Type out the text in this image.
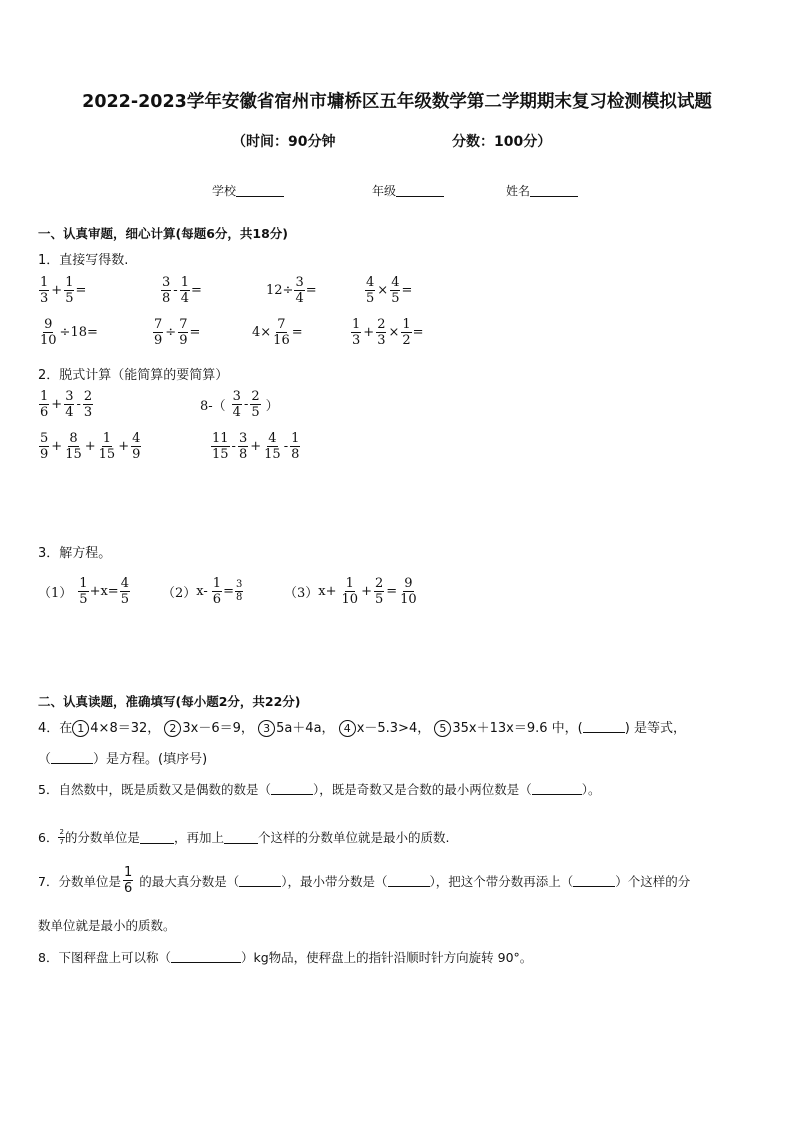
2022-2023学年安徽省宿州市墉桥区五年级数学第二学期期末复习检测模拟试题
（时间：90分钟	分数：100分）
学校	年级	姓名
一、认真审题，细心计算(每题6分，共18分)
1．直接写得数.
$\frac{1}{3} + \frac{1}{5}$ =	$\frac{3}{8} - \frac{1}{4}$ =	$12\div \frac{3}{4}$ =	$\frac{4}{5} \times \frac{4}{5}$ =
$\frac{9}{10} \div 18=$	$\frac{7}{9} \div \frac{7}{9}$ =	$4\times \frac{7}{16}$ =	$\frac{1}{3} + \frac{2}{3} \times \frac{1}{2}$ =
2．脱式计算（能简算的要简算）
$\frac{1}{6} + \frac{3}{4} - \frac{2}{3}$	$8-( \frac{3}{4} - \frac{2}{5}$ ）
$\frac{5}{9} + \frac{8}{15} + \frac{1}{15} + \frac{4}{9}$	$\frac{11}{15} - \frac{3}{8} + \frac{4}{15} - \frac{1}{8}$
3．解方程。
$(1) \frac{1}{5} +x= \frac{4}{5} (2)$ $x- \frac{1}{6} = \frac{3}{8}$	（3） $x+ \frac{1}{10} + \frac{2}{5} = \frac{9}{10}$
二、认真读题，准确填写(每小题2分，共22分)
4．在 1 4×8＝32， 2 3x－6＝9， 3 5a＋4a， 4 x－5.3>4， 5 35x＋13x＝9.6 中，(	) 是等式，
（	）是方程。(填序号)
5．自然数中，既是质数又是偶数的数是（	），既是奇数又是合数的最小两位数是（	）。
6． $\frac{2}{7}$ 的分数单位是	，再加上	个这样的分数单位就是最小的质数.
7．分数单位是 $\frac{1}{6}$ 的最大真分数是（	），最小带分数是（	），把这个带分数再添上（	）个这样的分
数单位就是最小的质数。
8．下图秤盘上可以称（	）kg物品，使秤盘上的指针沿顺时针方向旋转 90°。
